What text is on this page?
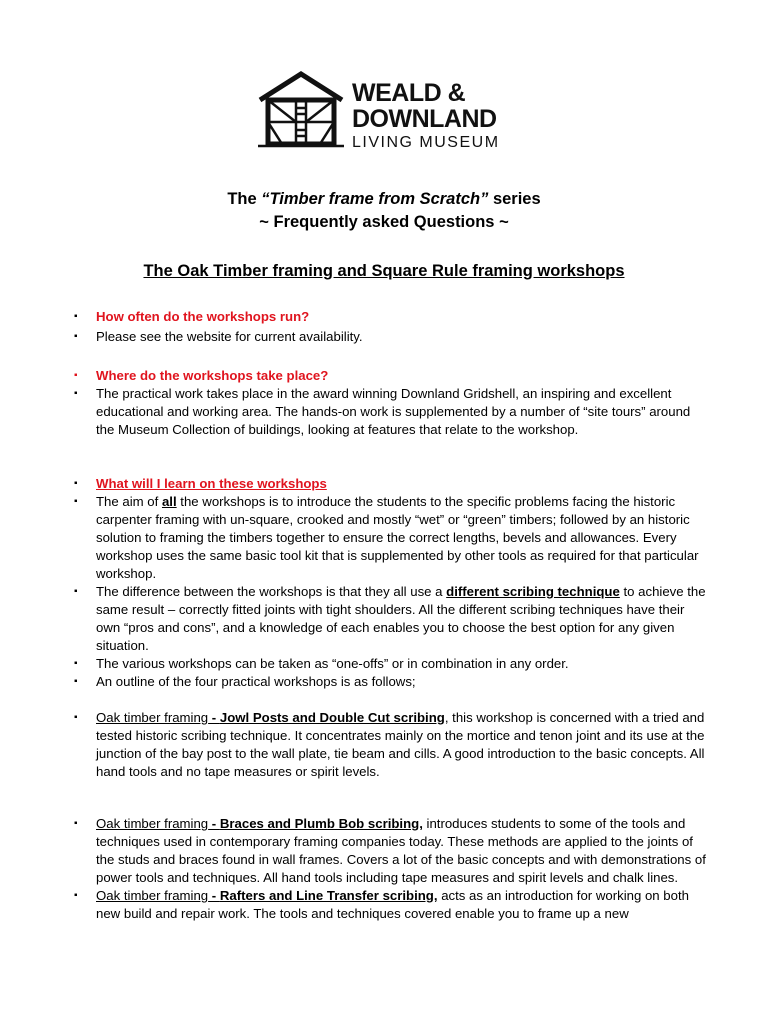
WEALD &
DOWNLAND
LIVING MUSEUM
The “Timber frame from Scratch” series
~ Frequently asked Questions ~
The Oak Timber framing and Square Rule framing workshops
▪ How often do the workshops run?
▪ Please see the website for current availability.
▪ Where do the workshops take place?
▪ The practical work takes place in the award winning Downland Gridshell, an inspiring and excellent educational and working area. The hands-on work is supplemented by a number of “site tours” around the Museum Collection of buildings, looking at features that relate to the workshop.
▪ What will I learn on these workshops
▪ The aim of all the workshops is to introduce the students to the specific problems facing the historic carpenter framing with un-square, crooked and mostly “wet” or “green” timbers; followed by an historic solution to framing the timbers together to ensure the correct lengths, bevels and allowances. Every workshop uses the same basic tool kit that is supplemented by other tools as required for that particular workshop.
▪ The difference between the workshops is that they all use a different scribing technique to achieve the same result – correctly fitted joints with tight shoulders. All the different scribing techniques have their own “pros and cons”, and a knowledge of each enables you to choose the best option for any given situation.
▪ The various workshops can be taken as “one-offs” or in combination in any order.
▪ An outline of the four practical workshops is as follows;
▪ Oak timber framing - Jowl Posts and Double Cut scribing, this workshop is concerned with a tried and tested historic scribing technique. It concentrates mainly on the mortice and tenon joint and its use at the junction of the bay post to the wall plate, tie beam and cills. A good introduction to the basic concepts. All hand tools and no tape measures or spirit levels.
▪ Oak timber framing - Braces and Plumb Bob scribing, introduces students to some of the tools and techniques used in contemporary framing companies today. These methods are applied to the joints of the studs and braces found in wall frames. Covers a lot of the basic concepts and with demonstrations of power tools and techniques. All hand tools including tape measures and spirit levels and chalk lines.
▪ Oak timber framing - Rafters and Line Transfer scribing, acts as an introduction for working on both new build and repair work. The tools and techniques covered enable you to frame up a new
